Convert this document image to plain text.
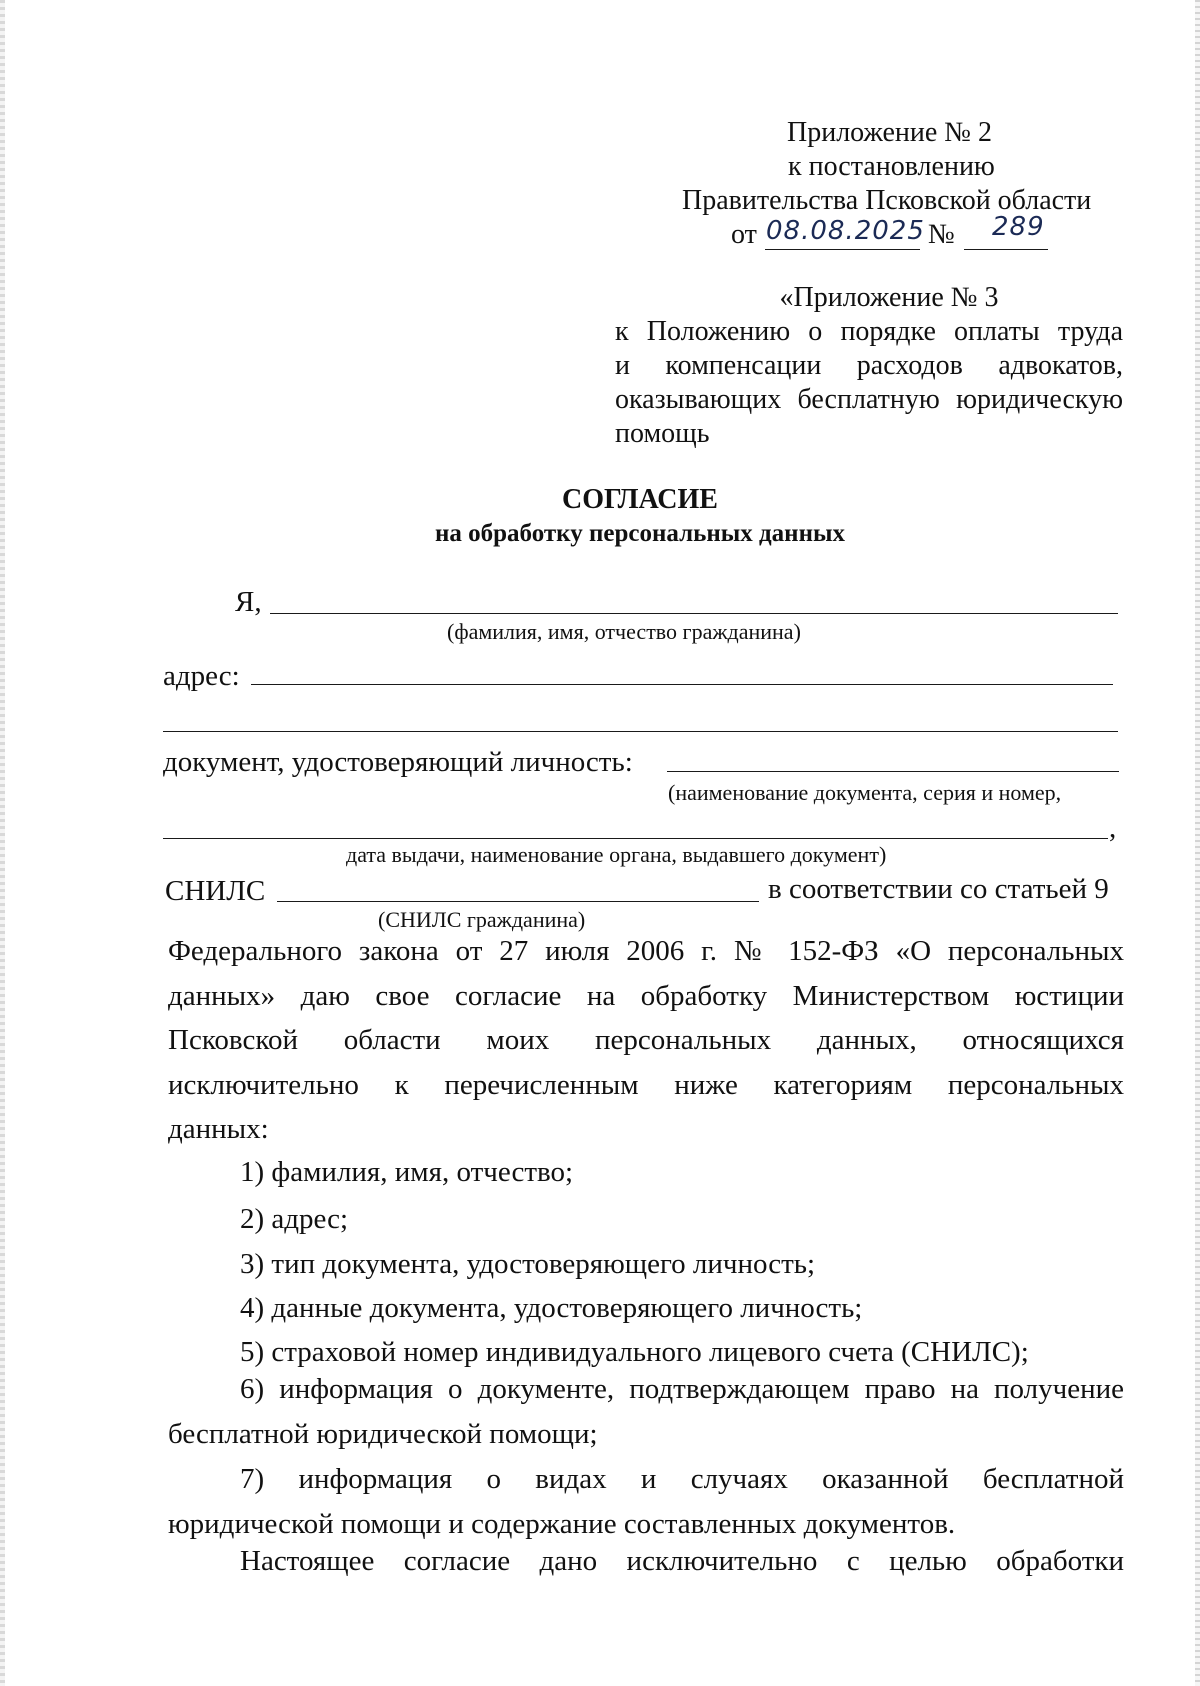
Приложение № 2
к постановлению
Правительства Псковской области
от 08.08.2025 № 289
«Приложение № 3
к Положению о порядке оплаты труда
и компенсации расходов адвокатов,
оказывающих бесплатную юридическую
помощь
СОГЛАСИЕ
на обработку персональных данных
Я,
(фамилия, имя, отчество гражданина)
адрес:
документ, удостоверяющий личность:
(наименование документа, серия и номер,
,
дата выдачи, наименование органа, выдавшего документ)
СНИЛС	в соответствии со статьей 9
(СНИЛС гражданина)
Федерального закона от 27 июля 2006 г. № 152-ФЗ «О персональных
данных» даю свое согласие на обработку Министерством юстиции
Псковской области моих персональных данных, относящихся
исключительно к перечисленным ниже категориям персональных
данных:
1) фамилия, имя, отчество;
2) адрес;
3) тип документа, удостоверяющего личность;
4) данные документа, удостоверяющего личность;
5) страховой номер индивидуального лицевого счета (СНИЛС);
6) информация о документе, подтверждающем право на получение
бесплатной юридической помощи;
7) информация о видах и случаях оказанной бесплатной
юридической помощи и содержание составленных документов.
Настоящее согласие дано исключительно с целью обработки
